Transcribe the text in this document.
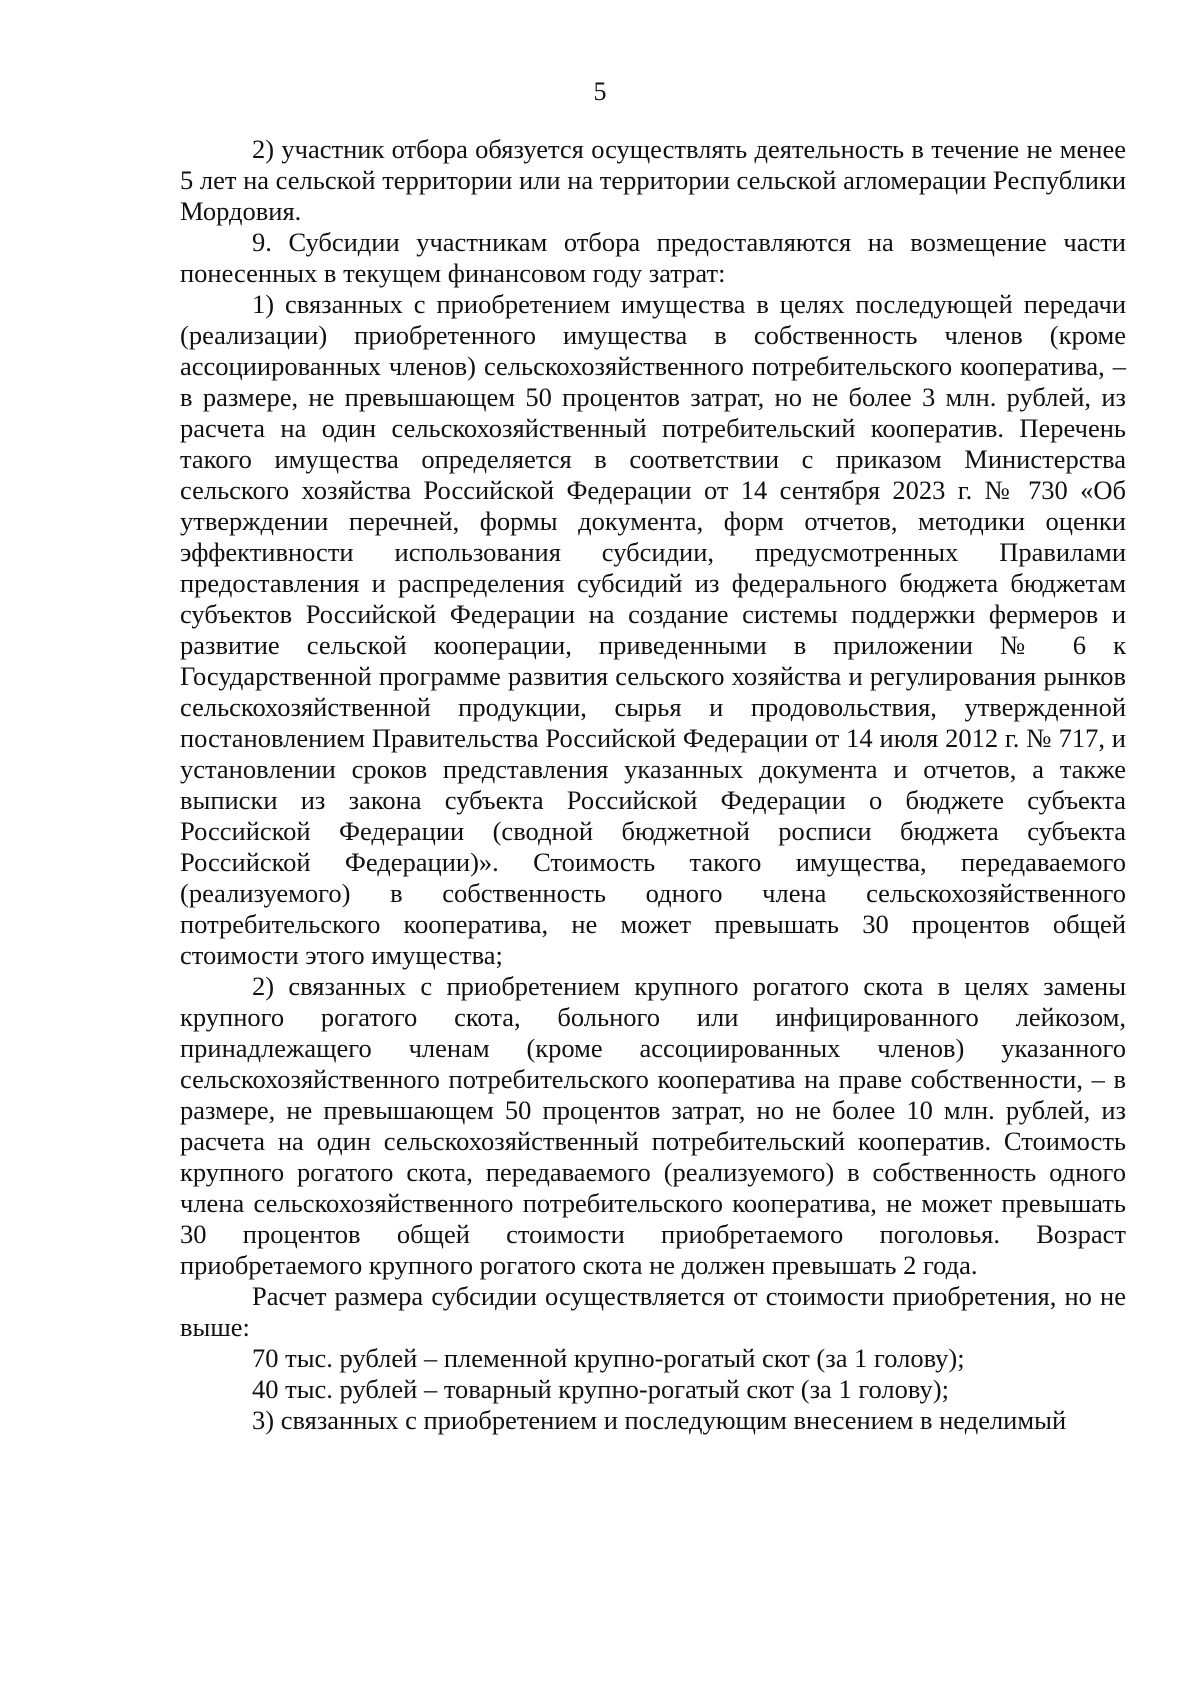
5

2) участник отбора обязуется осуществлять деятельность в течение не менее 5 лет на сельской территории или на территории сельской агломерации Республики Мордовия.

9. Субсидии участникам отбора предоставляются на возмещение части понесенных в текущем финансовом году затрат:

1) связанных с приобретением имущества в целях последующей передачи (реализации) приобретенного имущества в собственность членов (кроме ассоциированных членов) сельскохозяйственного потребительского кооператива, – в размере, не превышающем 50 процентов затрат, но не более 3 млн. рублей, из расчета на один сельскохозяйственный потребительский кооператив. Перечень такого имущества определяется в соответствии с приказом Министерства сельского хозяйства Российской Федерации от 14 сентября 2023 г. № 730 «Об утверждении перечней, формы документа, форм отчетов, методики оценки эффективности использования субсидии, предусмотренных Правилами предоставления и распределения субсидий из федерального бюджета бюджетам субъектов Российской Федерации на создание системы поддержки фермеров и развитие сельской кооперации, приведенными в приложении № 6 к Государственной программе развития сельского хозяйства и регулирования рынков сельскохозяйственной продукции, сырья и продовольствия, утвержденной постановлением Правительства Российской Федерации от 14 июля 2012 г. № 717, и установлении сроков представления указанных документа и отчетов, а также выписки из закона субъекта Российской Федерации о бюджете субъекта Российской Федерации (сводной бюджетной росписи бюджета субъекта Российской Федерации)». Стоимость такого имущества, передаваемого (реализуемого) в собственность одного члена сельскохозяйственного потребительского кооператива, не может превышать 30 процентов общей стоимости этого имущества;

2) связанных с приобретением крупного рогатого скота в целях замены крупного рогатого скота, больного или инфицированного лейкозом, принадлежащего членам (кроме ассоциированных членов) указанного сельскохозяйственного потребительского кооператива на праве собственности, – в размере, не превышающем 50 процентов затрат, но не более 10 млн. рублей, из расчета на один сельскохозяйственный потребительский кооператив. Стоимость крупного рогатого скота, передаваемого (реализуемого) в собственность одного члена сельскохозяйственного потребительского кооператива, не может превышать 30 процентов общей стоимости приобретаемого поголовья. Возраст приобретаемого крупного рогатого скота не должен превышать 2 года.

Расчет размера субсидии осуществляется от стоимости приобретения, но не выше:

70 тыс. рублей – племенной крупно-рогатый скот (за 1 голову);

40 тыс. рублей – товарный крупно-рогатый скот (за 1 голову);

3) связанных с приобретением и последующим внесением в неделимый
